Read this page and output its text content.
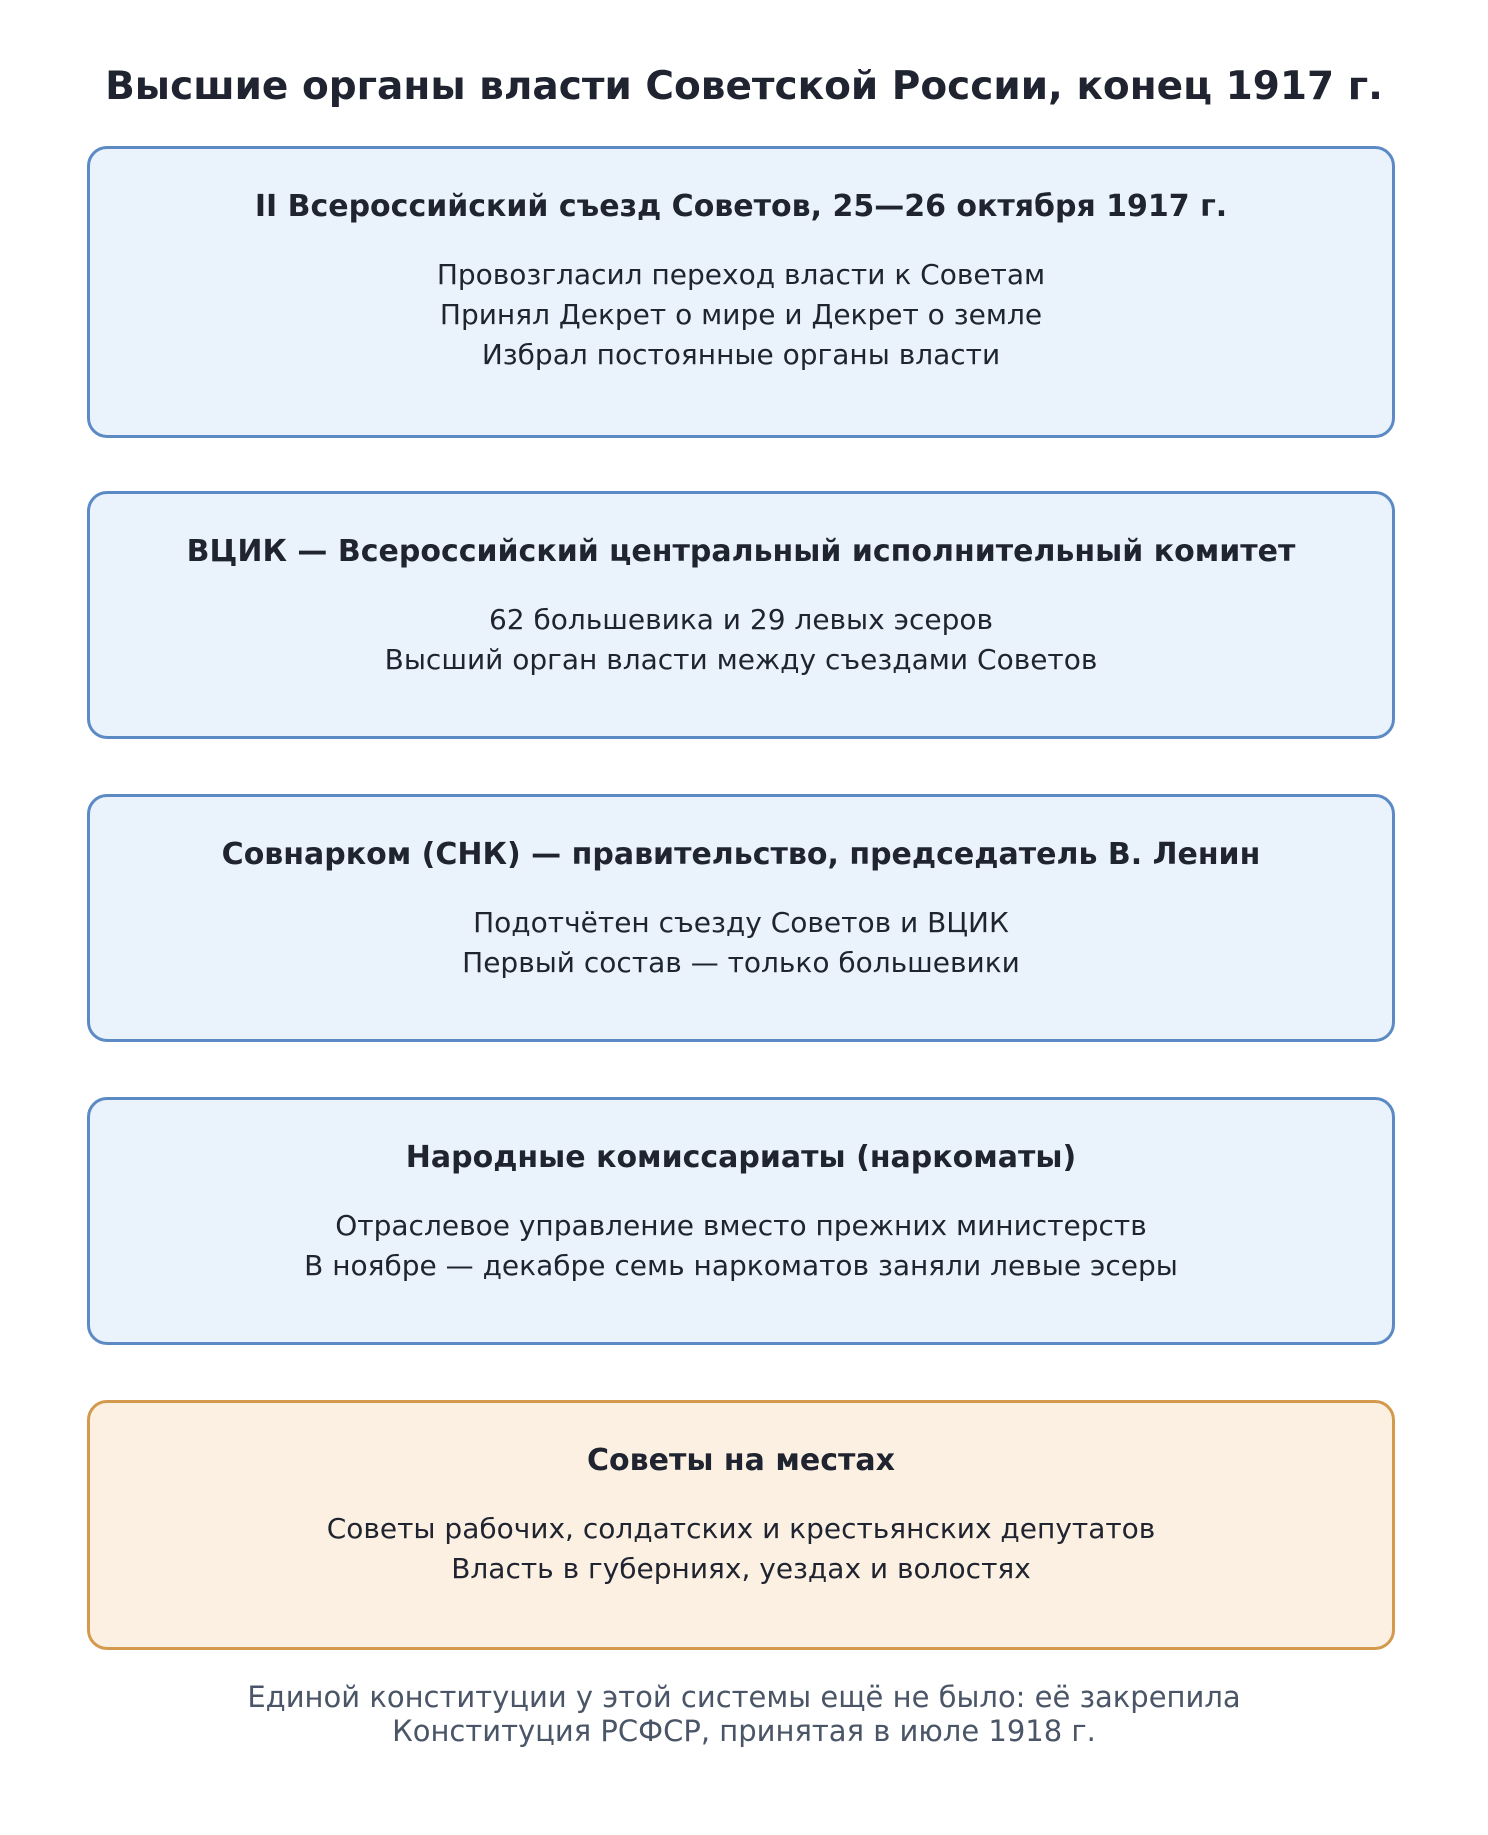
Высшие органы власти Советской России, конец 1917 г.
II Всероссийский съезд Советов, 25—26 октября 1917 г.
Провозгласил переход власти к Советам
Принял Декрет о мире и Декрет о земле
Избрал постоянные органы власти
ВЦИК — Всероссийский центральный исполнительный комитет
62 большевика и 29 левых эсеров
Высший орган власти между съездами Советов
Совнарком (СНК) — правительство, председатель В. Ленин
Подотчётен съезду Советов и ВЦИК
Первый состав — только большевики
Народные комиссариаты (наркоматы)
Отраслевое управление вместо прежних министерств
В ноябре — декабре семь наркоматов заняли левые эсеры
Советы на местах
Советы рабочих, солдатских и крестьянских депутатов
Власть в губерниях, уездах и волостях
Единой конституции у этой системы ещё не было: её закрепила
Конституция РСФСР, принятая в июле 1918 г.
